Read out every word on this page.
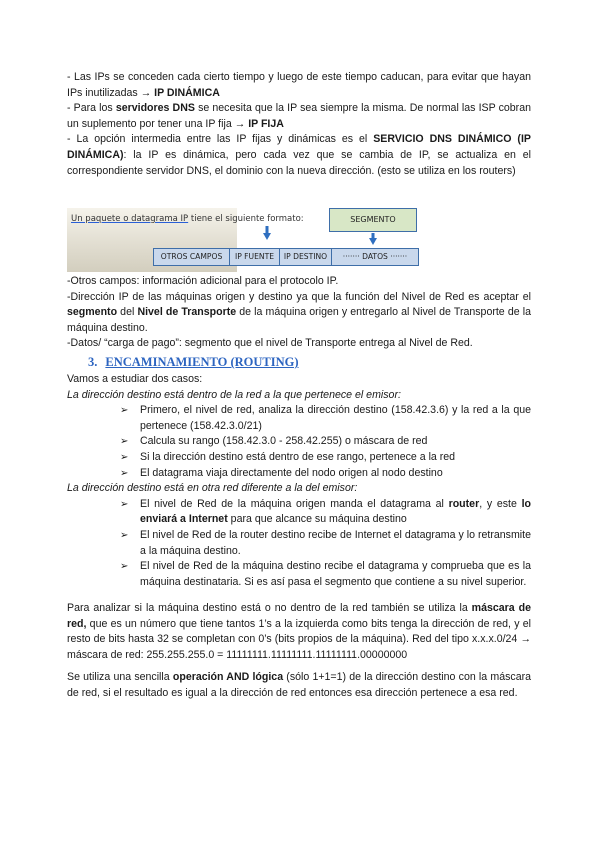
- Las IPs se conceden cada cierto tiempo y luego de este tiempo caducan, para evitar que hayan IPs inutilizadas → IP DINÁMICA

- Para los servidores DNS se necesita que la IP sea siempre la misma. De normal las ISP cobran un suplemento por tener una IP fija → IP FIJA

- La opción intermedia entre las IP fijas y dinámicas es el SERVICIO DNS DINÁMICO (IP DINÁMICA): la IP es dinámica, pero cada vez que se cambia de IP, se actualiza en el correspondiente servidor DNS, el dominio con la nueva dirección. (esto se utiliza en los routers)

Un paquete o datagrama IP tiene el siguiente formato:	SEGMENTO
OTROS CAMPOS	IP FUENTE	IP DESTINO	······· DATOS ·······

-Otros campos: información adicional para el protocolo IP.

-Dirección IP de las máquinas origen y destino ya que la función del Nivel de Red es aceptar el segmento del Nivel de Transporte de la máquina origen y entregarlo al Nivel de Transporte de la máquina destino.

-Datos/ “carga de pago”: segmento que el nivel de Transporte entrega al Nivel de Red.

3. ENCAMINAMIENTO (ROUTING)

Vamos a estudiar dos casos:

La dirección destino está dentro de la red a la que pertenece el emisor:

➢ Primero, el nivel de red, analiza la dirección destino (158.42.3.6) y la red a la que pertenece (158.42.3.0/21)
➢ Calcula su rango (158.42.3.0 - 258.42.255) o máscara de red
➢ Si la dirección destino está dentro de ese rango, pertenece a la red
➢ El datagrama viaja directamente del nodo origen al nodo destino

La dirección destino está en otra red diferente a la del emisor:

➢ El nivel de Red de la máquina origen manda el datagrama al router, y este lo enviará a Internet para que alcance su máquina destino
➢ El nivel de Red de la router destino recibe de Internet el datagrama y lo retransmite a la máquina destino.
➢ El nivel de Red de la máquina destino recibe el datagrama y comprueba que es la máquina destinataria. Si es así pasa el segmento que contiene a su nivel superior.

Para analizar si la máquina destino está o no dentro de la red también se utiliza la máscara de red, que es un número que tiene tantos 1’s a la izquierda como bits tenga la dirección de red, y el resto de bits hasta 32 se completan con 0’s (bits propios de la máquina). Red del tipo x.x.x.0/24 → máscara de red: 255.255.255.0 = 11111111.11111111.11111111.00000000

Se utiliza una sencilla operación AND lógica (sólo 1+1=1) de la dirección destino con la máscara de red, si el resultado es igual a la dirección de red entonces esa dirección pertenece a esa red.
